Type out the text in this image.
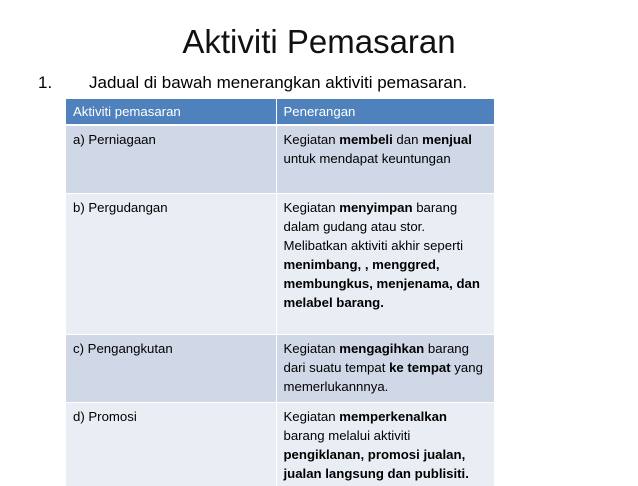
Aktiviti Pemasaran
1. Jadual di bawah menerangkan aktiviti pemasaran.
Aktiviti pemasaran	Penerangan
a) Perniagaan	Kegiatan membeli dan menjual untuk mendapat keuntungan
b) Pergudangan	Kegiatan menyimpan barang dalam gudang atau stor. Melibatkan aktiviti akhir seperti menimbang, , menggred, membungkus, menjenama, dan melabel barang.
c) Pengangkutan	Kegiatan mengagihkan barang dari suatu tempat ke tempat yang memerlukannnya.
d) Promosi	Kegiatan memperkenalkan barang melalui aktiviti pengiklanan, promosi jualan, jualan langsung dan publisiti.
